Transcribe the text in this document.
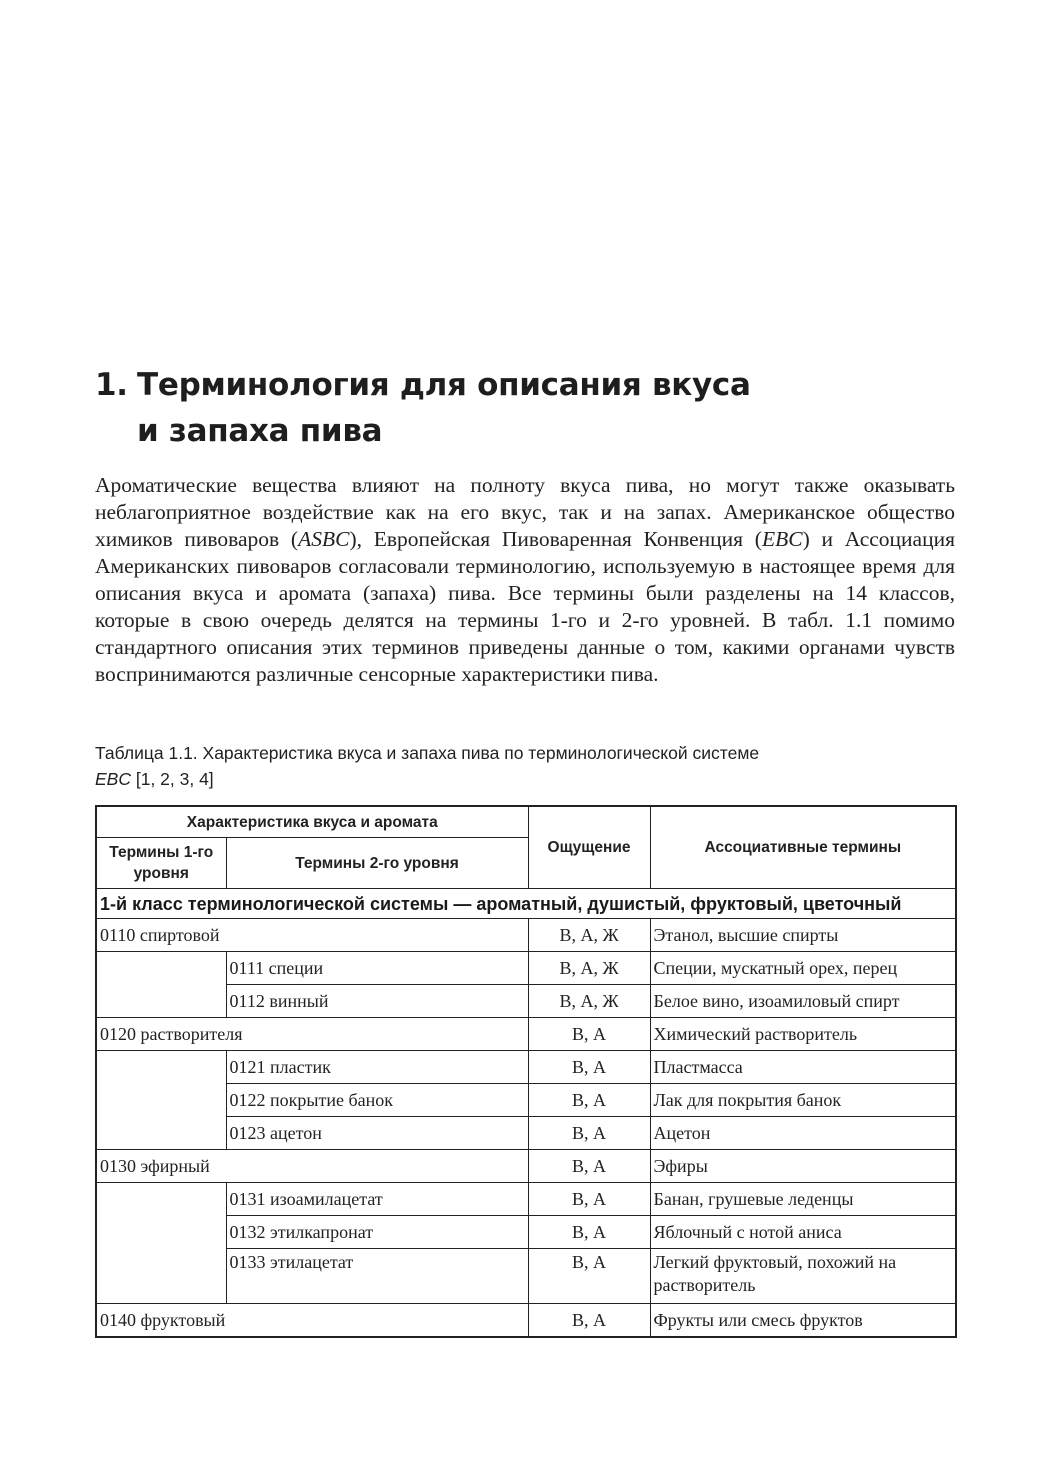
1. Терминология для описания вкуса
и запаха пива

Ароматические вещества влияют на полноту вкуса пива, но могут также оказывать неблагоприятное воздействие как на его вкус, так и на запах. Американское общество химиков пивоваров (ASBC), Европейская Пивоваренная Конвенция (EBC) и Ассоциация Американских пивоваров согласовали терминологию, используемую в настоящее время для описания вкуса и аромата (запаха) пива. Все термины были разделены на 14 классов, которые в свою очередь делятся на термины 1-го и 2-го уровней. В табл. 1.1 помимо стандартного описания этих терминов приведены данные о том, какими органами чувств воспринимаются различные сенсорные характеристики пива.

Таблица 1.1. Характеристика вкуса и запаха пива по терминологической системе
EBC [1, 2, 3, 4]
Характеристика вкуса и аромата		Ощущение	Ассоциативные термины
Термины 1-го уровня	Термины 2-го уровня		
1-й класс терминологической системы — ароматный, душистый, фруктовый, цветочный			
0110 спиртовой		В, А, Ж	Этанол, высшие спирты
	0111 специи	В, А, Ж	Специи, мускатный орех, перец
	0112 винный	В, А, Ж	Белое вино, изоамиловый спирт
0120 растворителя		В, А	Химический растворитель
	0121 пластик	В, А	Пластмасса
	0122 покрытие банок	В, А	Лак для покрытия банок
	0123 ацетон	В, А	Ацетон
0130 эфирный		В, А	Эфиры
	0131 изоамилацетат	В, А	Банан, грушевые леденцы
	0132 этилкапронат	В, А	Яблочный с нотой аниса
	0133 этилацетат	В, А	Легкий фруктовый, похожий на растворитель
0140 фруктовый		В, А	Фрукты или смесь фруктов
